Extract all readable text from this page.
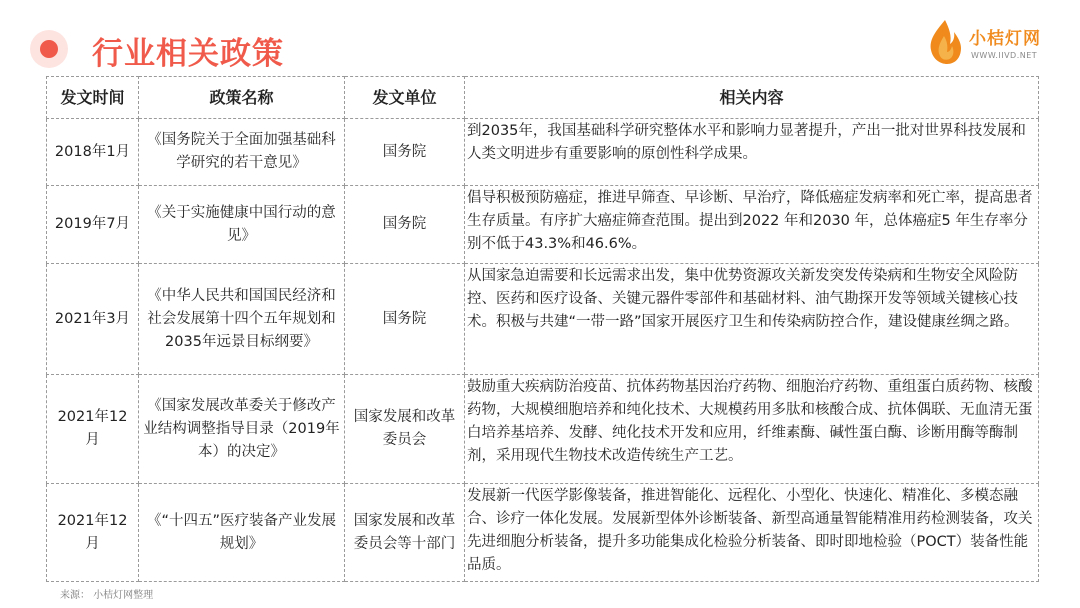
行业相关政策	小桔灯网
WWW.IIVD.NET
发文时间	政策名称	发文单位	相关内容
2018年1月	《国务院关于全面加强基础科学研究的若干意见》	国务院	到2035年，我国基础科学研究整体水平和影响力显著提升，产出一批对世界科技发展和人类文明进步有重要影响的原创性科学成果。
2019年7月	《关于实施健康中国行动的意见》	国务院	倡导积极预防癌症，推进早筛查、早诊断、早治疗，降低癌症发病率和死亡率，提高患者生存质量。有序扩大癌症筛查范围。提出到2022 年和2030 年，总体癌症5 年生存率分别不低于43.3%和46.6%。
2021年3月	《中华人民共和国国民经济和社会发展第十四个五年规划和2035年远景目标纲要》	国务院	从国家急迫需要和长远需求出发，集中优势资源攻关新发突发传染病和生物安全风险防控、医药和医疗设备、关键元器件零部件和基础材料、油气勘探开发等领域关键核心技术。积极与共建“一带一路”国家开展医疗卫生和传染病防控合作，建设健康丝绸之路。
2021年12月	《国家发展改革委关于修改产业结构调整指导目录（2019年本）的决定》	国家发展和改革委员会	鼓励重大疾病防治疫苗、抗体药物基因治疗药物、细胞治疗药物、重组蛋白质药物、核酸药物，大规模细胞培养和纯化技术、大规模药用多肽和核酸合成、抗体偶联、无血清无蛋白培养基培养、发酵、纯化技术开发和应用，纤维素酶、碱性蛋白酶、诊断用酶等酶制剂，采用现代生物技术改造传统生产工艺。
2021年12月	《“十四五”医疗装备产业发展规划》	国家发展和改革委员会等十部门	发展新一代医学影像装备，推进智能化、远程化、小型化、快速化、精准化、多模态融合、诊疗一体化发展。发展新型体外诊断装备、新型高通量智能精准用药检测装备，攻关先进细胞分析装备，提升多功能集成化检验分析装备、即时即地检验（POCT）装备性能品质。
来源： 小桔灯网整理
